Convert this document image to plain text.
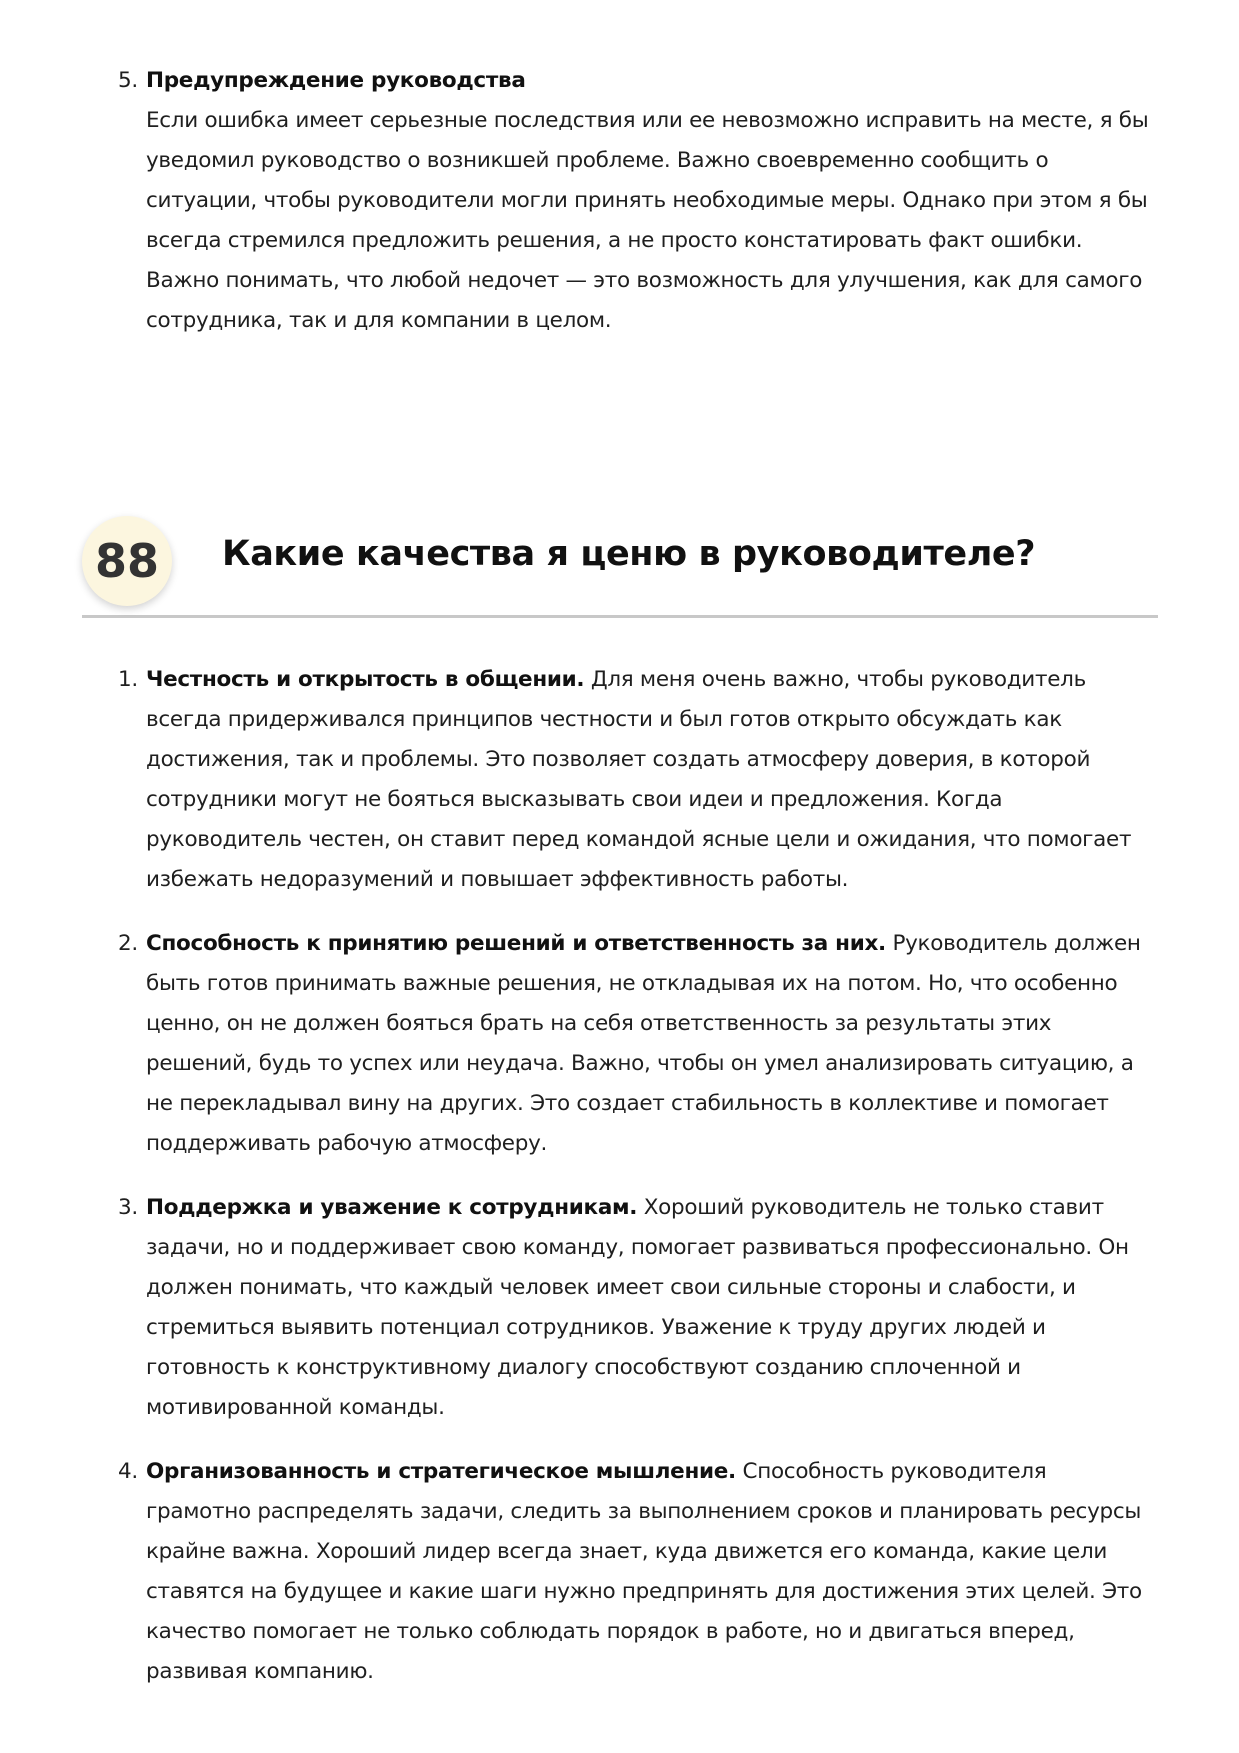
5. Предупреждение руководства
Если ошибка имеет серьезные последствия или ее невозможно исправить на месте, я бы уведомил руководство о возникшей проблеме. Важно своевременно сообщить о ситуации, чтобы руководители могли принять необходимые меры. Однако при этом я бы всегда стремился предложить решения, а не просто констатировать факт ошибки. Важно понимать, что любой недочет — это возможность для улучшения, как для самого сотрудника, так и для компании в целом.
88	Какие качества я ценю в руководителе?
1. Честность и открытость в общении. Для меня очень важно, чтобы руководитель всегда придерживался принципов честности и был готов открыто обсуждать как достижения, так и проблемы. Это позволяет создать атмосферу доверия, в которой сотрудники могут не бояться высказывать свои идеи и предложения. Когда руководитель честен, он ставит перед командой ясные цели и ожидания, что помогает избежать недоразумений и повышает эффективность работы.
2. Способность к принятию решений и ответственность за них. Руководитель должен быть готов принимать важные решения, не откладывая их на потом. Но, что особенно ценно, он не должен бояться брать на себя ответственность за результаты этих решений, будь то успех или неудача. Важно, чтобы он умел анализировать ситуацию, а не перекладывал вину на других. Это создает стабильность в коллективе и помогает поддерживать рабочую атмосферу.
3. Поддержка и уважение к сотрудникам. Хороший руководитель не только ставит задачи, но и поддерживает свою команду, помогает развиваться профессионально. Он должен понимать, что каждый человек имеет свои сильные стороны и слабости, и стремиться выявить потенциал сотрудников. Уважение к труду других людей и готовность к конструктивному диалогу способствуют созданию сплоченной и мотивированной команды.
4. Организованность и стратегическое мышление. Способность руководителя грамотно распределять задачи, следить за выполнением сроков и планировать ресурсы крайне важна. Хороший лидер всегда знает, куда движется его команда, какие цели ставятся на будущее и какие шаги нужно предпринять для достижения этих целей. Это качество помогает не только соблюдать порядок в работе, но и двигаться вперед, развивая компанию.
